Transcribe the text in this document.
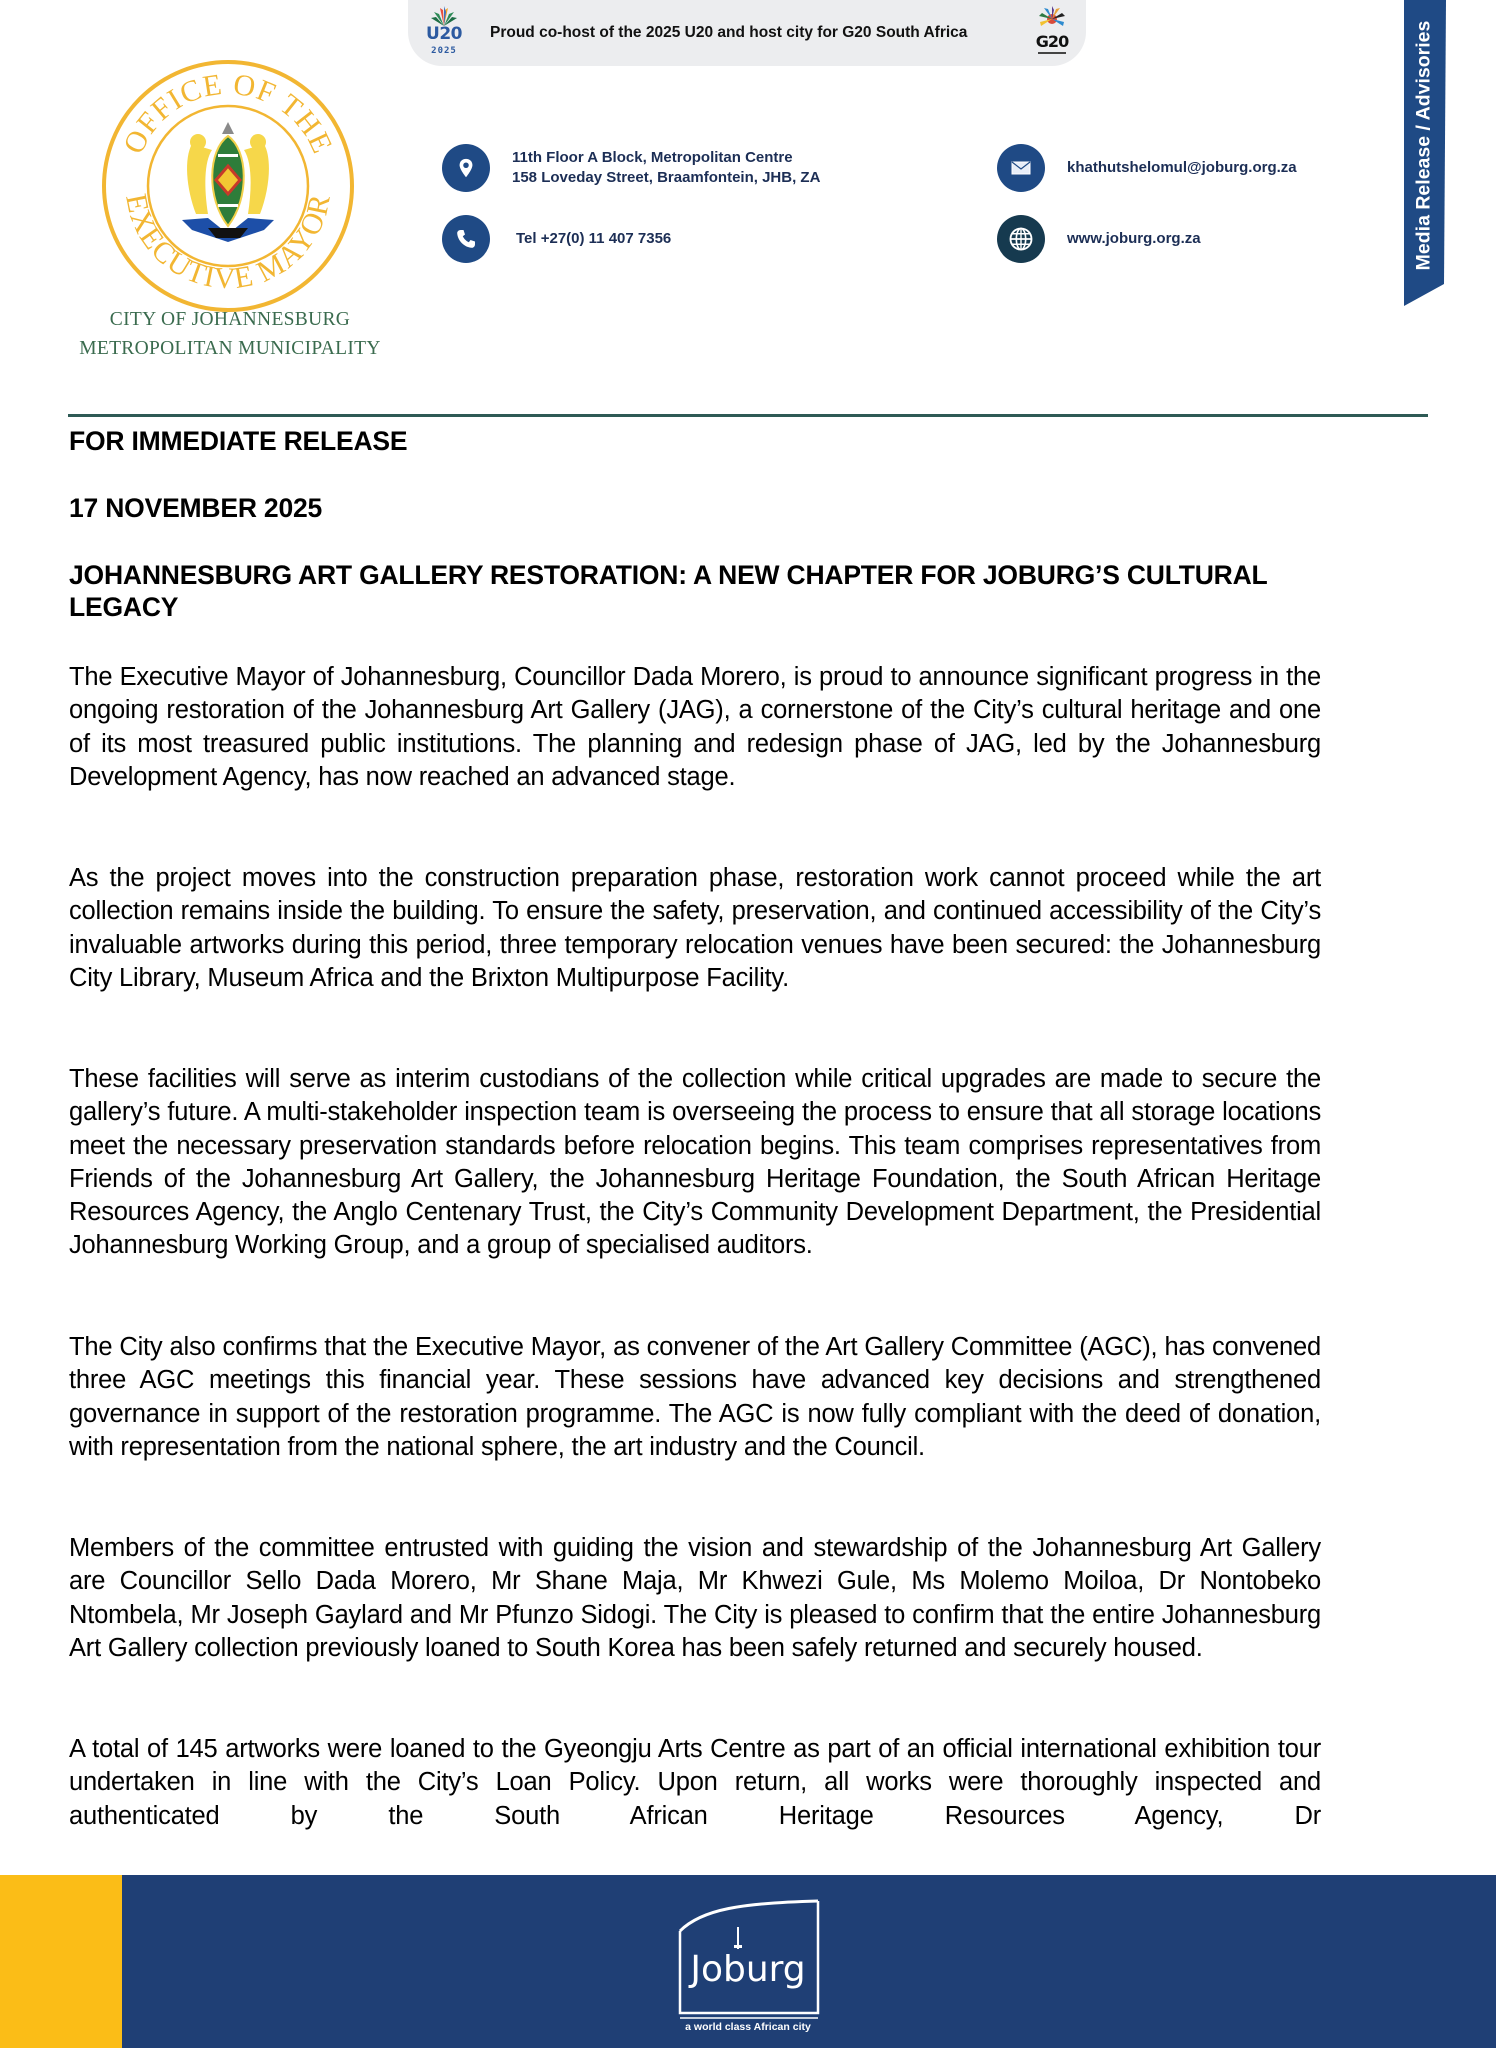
U20
2025
Proud co-host of the 2025 U20 and host city for G20 South Africa	G20
OFFICE OF THE
EXECUTIVE MAYOR
CITY OF JOHANNESBURG
METROPOLITAN MUNICIPALITY
11th Floor A Block, Metropolitan Centre
158 Loveday Street, Braamfontein, JHB, ZA
Tel +27(0) 11 407 7356
khathutshelomul@joburg.org.za
www.joburg.org.za	Media Release / Advisories
FOR IMMEDIATE RELEASE
17 NOVEMBER 2025
JOHANNESBURG ART GALLERY RESTORATION: A NEW CHAPTER FOR JOBURG’S CULTURAL LEGACY

The Executive Mayor of Johannesburg, Councillor Dada Morero, is proud to announce significant progress in the ongoing restoration of the Johannesburg Art Gallery (JAG), a cornerstone of the City’s cultural heritage and one of its most treasured public institutions. The planning and redesign phase of JAG, led by the Johannesburg Development Agency, has now reached an advanced stage.

As the project moves into the construction preparation phase, restoration work cannot proceed while the art collection remains inside the building. To ensure the safety, preservation, and continued accessibility of the City’s invaluable artworks during this period, three temporary relocation venues have been secured: the Johannesburg City Library, Museum Africa and the Brixton Multipurpose Facility.

These facilities will serve as interim custodians of the collection while critical upgrades are made to secure the gallery’s future. A multi-stakeholder inspection team is overseeing the process to ensure that all storage locations meet the necessary preservation standards before relocation begins. This team comprises representatives from Friends of the Johannesburg Art Gallery, the Johannesburg Heritage Foundation, the South African Heritage Resources Agency, the Anglo Centenary Trust, the City’s Community Development Department, the Presidential Johannesburg Working Group, and a group of specialised auditors.

The City also confirms that the Executive Mayor, as convener of the Art Gallery Committee (AGC), has convened three AGC meetings this financial year. These sessions have advanced key decisions and strengthened governance in support of the restoration programme. The AGC is now fully compliant with the deed of donation, with representation from the national sphere, the art industry and the Council.

Members of the committee entrusted with guiding the vision and stewardship of the Johannesburg Art Gallery are Councillor Sello Dada Morero, Mr Shane Maja, Mr Khwezi Gule, Ms Molemo Moiloa, Dr Nontobeko Ntombela, Mr Joseph Gaylard and Mr Pfunzo Sidogi. The City is pleased to confirm that the entire Johannesburg Art Gallery collection previously loaned to South Korea has been safely returned and securely housed.

A total of 145 artworks were loaned to the Gyeongju Arts Centre as part of an official international exhibition tour undertaken in line with the City’s Loan Policy. Upon return, all works were thoroughly inspected and authenticated by the South African Heritage Resources Agency, Dr

Joburg
a world class African city
